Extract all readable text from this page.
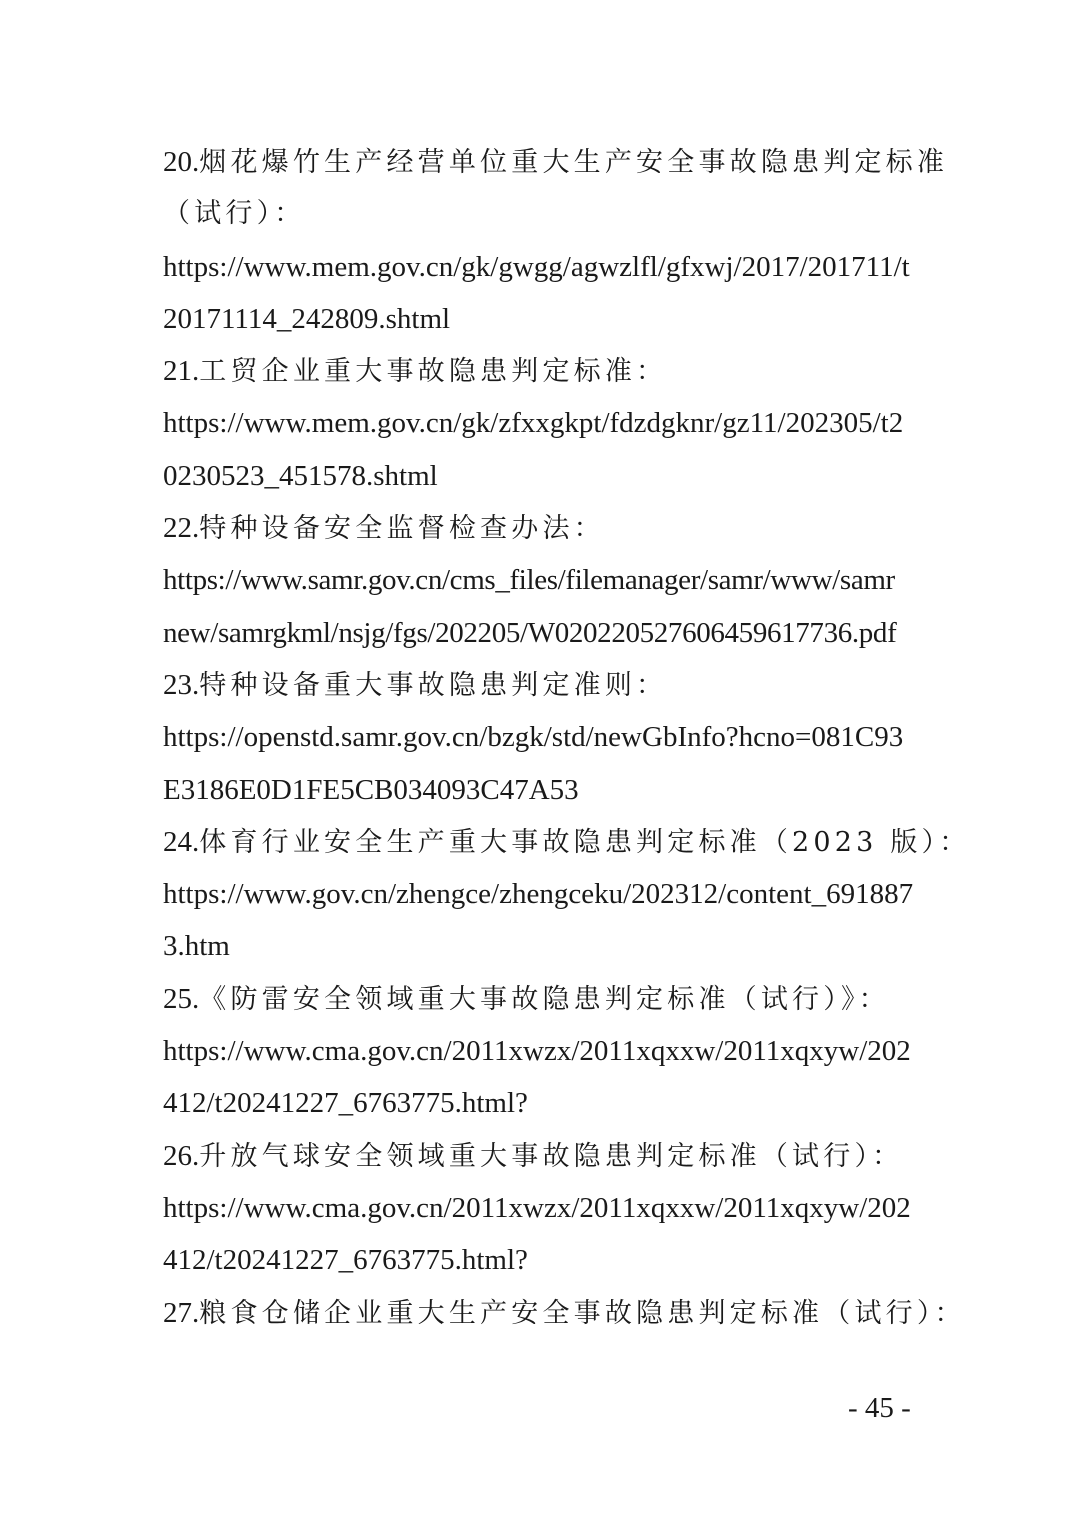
20.烟花爆竹生产经营单位重大生产安全事故隐患判定标准
（试行）：
https://www.mem.gov.cn/gk/gwgg/agwzlfl/gfxwj/2017/201711/t
20171114_242809.shtml
21.工贸企业重大事故隐患判定标准：
https://www.mem.gov.cn/gk/zfxxgkpt/fdzdgknr/gz11/202305/t2
0230523_451578.shtml
22.特种设备安全监督检查办法：
https://www.samr.gov.cn/cms_files/filemanager/samr/www/samr
new/samrgkml/nsjg/fgs/202205/W020220527606459617736.pdf
23.特种设备重大事故隐患判定准则：
https://openstd.samr.gov.cn/bzgk/std/newGbInfo?hcno=081C93
E3186E0D1FE5CB034093C47A53
24.体育行业安全生产重大事故隐患判定标准（2023 版）：
https://www.gov.cn/zhengce/zhengceku/202312/content_691887
3.htm
25.《防雷安全领域重大事故隐患判定标准（试行）》：
https://www.cma.gov.cn/2011xwzx/2011xqxxw/2011xqxyw/202
412/t20241227_6763775.html?
26.升放气球安全领域重大事故隐患判定标准（试行）：
https://www.cma.gov.cn/2011xwzx/2011xqxxw/2011xqxyw/202
412/t20241227_6763775.html?
27.粮食仓储企业重大生产安全事故隐患判定标准（试行）：
- 45 -
